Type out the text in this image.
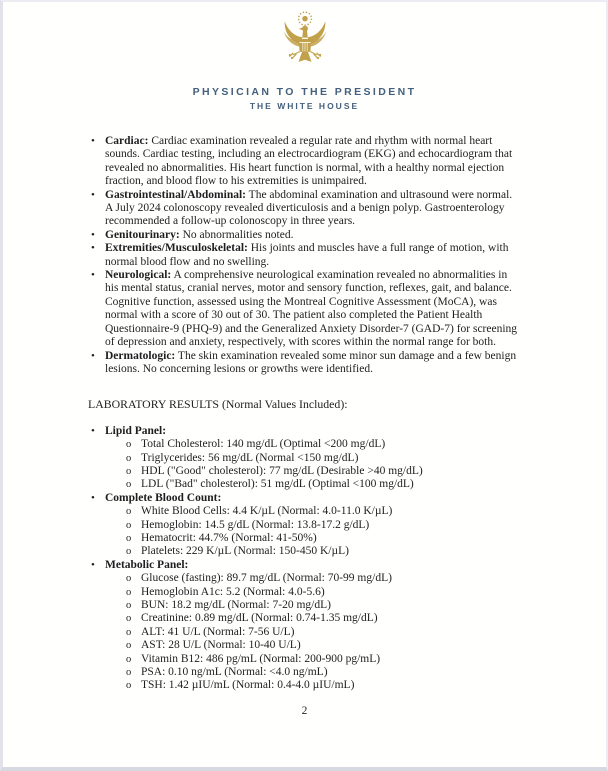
PHYSICIAN TO THE PRESIDENT
THE WHITE HOUSE
• Cardiac: Cardiac examination revealed a regular rate and rhythm with normal heart sounds. Cardiac testing, including an electrocardiogram (EKG) and echocardiogram that revealed no abnormalities. His heart function is normal, with a healthy normal ejection fraction, and blood flow to his extremities is unimpaired.
• Gastrointestinal/Abdominal: The abdominal examination and ultrasound were normal. A July 2024 colonoscopy revealed diverticulosis and a benign polyp. Gastroenterology recommended a follow-up colonoscopy in three years.
• Genitourinary: No abnormalities noted.
• Extremities/Musculoskeletal: His joints and muscles have a full range of motion, with normal blood flow and no swelling.
• Neurological: A comprehensive neurological examination revealed no abnormalities in his mental status, cranial nerves, motor and sensory function, reflexes, gait, and balance. Cognitive function, assessed using the Montreal Cognitive Assessment (MoCA), was normal with a score of 30 out of 30. The patient also completed the Patient Health Questionnaire-9 (PHQ-9) and the Generalized Anxiety Disorder-7 (GAD-7) for screening of depression and anxiety, respectively, with scores within the normal range for both.
• Dermatologic: The skin examination revealed some minor sun damage and a few benign lesions. No concerning lesions or growths were identified.
LABORATORY RESULTS (Normal Values Included):
• Lipid Panel:
o Total Cholesterol: 140 mg/dL (Optimal <200 mg/dL)
o Triglycerides: 56 mg/dL (Normal <150 mg/dL)
o HDL ("Good" cholesterol): 77 mg/dL (Desirable >40 mg/dL)
o LDL ("Bad" cholesterol): 51 mg/dL (Optimal <100 mg/dL)
• Complete Blood Count:
o White Blood Cells: 4.4 K/µL (Normal: 4.0-11.0 K/µL)
o Hemoglobin: 14.5 g/dL (Normal: 13.8-17.2 g/dL)
o Hematocrit: 44.7% (Normal: 41-50%)
o Platelets: 229 K/µL (Normal: 150-450 K/µL)
• Metabolic Panel:
o Glucose (fasting): 89.7 mg/dL (Normal: 70-99 mg/dL)
o Hemoglobin A1c: 5.2 (Normal: 4.0-5.6)
o BUN: 18.2 mg/dL (Normal: 7-20 mg/dL)
o Creatinine: 0.89 mg/dL (Normal: 0.74-1.35 mg/dL)
o ALT: 41 U/L (Normal: 7-56 U/L)
o AST: 28 U/L (Normal: 10-40 U/L)
o Vitamin B12: 486 pg/mL (Normal: 200-900 pg/mL)
o PSA: 0.10 ng/mL (Normal: <4.0 ng/mL)
o TSH: 1.42 µIU/mL (Normal: 0.4-4.0 µIU/mL)
2
